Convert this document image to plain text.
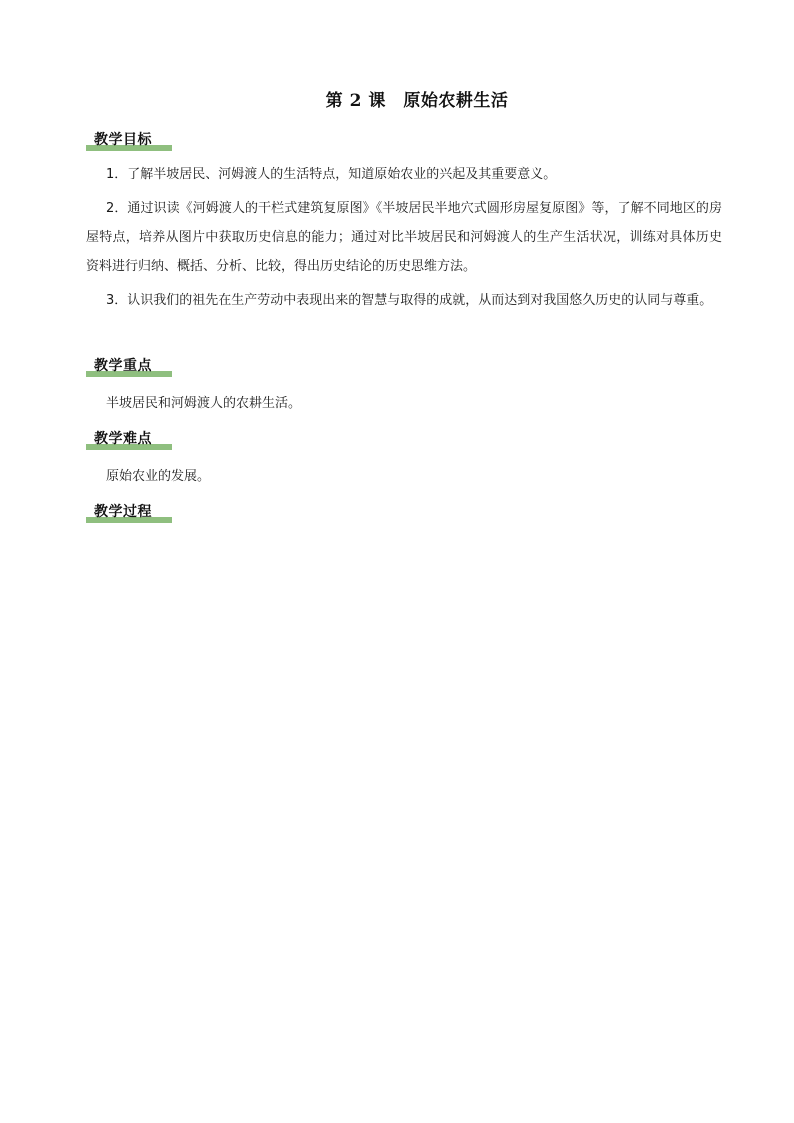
第 2 课　原始农耕生活
教学目标
1．了解半坡居民、河姆渡人的生活特点，知道原始农业的兴起及其重要意义。
2．通过识读《河姆渡人的干栏式建筑复原图》《半坡居民半地穴式圆形房屋复原图》等，了解不同地区的房屋特点，培养从图片中获取历史信息的能力；通过对比半坡居民和河姆渡人的生产生活状况，训练对具体历史资料进行归纳、概括、分析、比较，得出历史结论的历史思维方法。
3．认识我们的祖先在生产劳动中表现出来的智慧与取得的成就，从而达到对我国悠久历史的认同与尊重。
教学重点
半坡居民和河姆渡人的农耕生活。
教学难点
原始农业的发展。
教学过程
